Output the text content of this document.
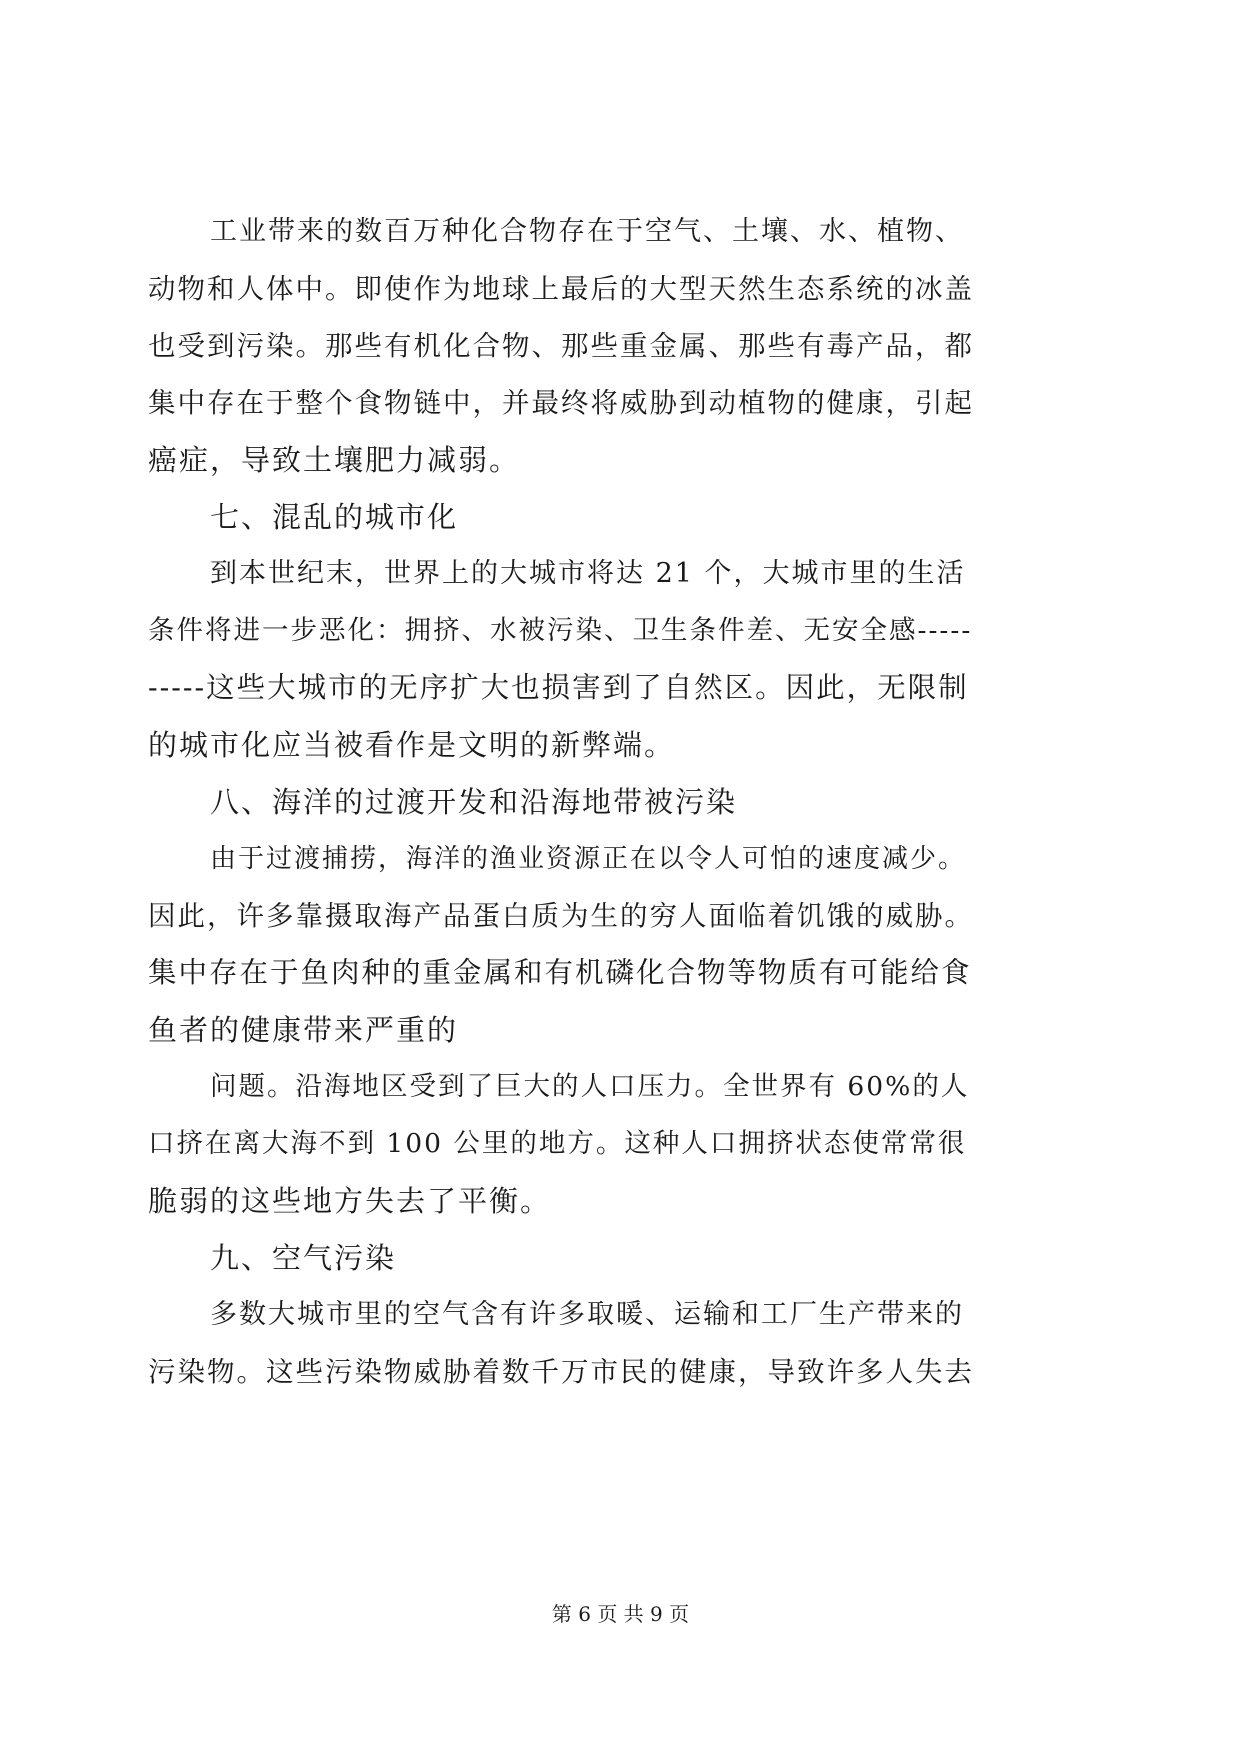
工业带来的数百万种化合物存在于空气、土壤、水、植物、
动物和人体中。即使作为地球上最后的大型天然生态系统的冰盖
也受到污染。那些有机化合物、那些重金属、那些有毒产品，都
集中存在于整个食物链中，并最终将威胁到动植物的健康，引起
癌症，导致土壤肥力减弱。
七、混乱的城市化
到本世纪末，世界上的大城市将达 21 个，大城市里的生活
条件将进一步恶化：拥挤、水被污染、卫生条件差、无安全感-----
-----这些大城市的无序扩大也损害到了自然区。因此，无限制
的城市化应当被看作是文明的新弊端。
八、海洋的过渡开发和沿海地带被污染
由于过渡捕捞，海洋的渔业资源正在以令人可怕的速度减少。
因此，许多靠摄取海产品蛋白质为生的穷人面临着饥饿的威胁。
集中存在于鱼肉种的重金属和有机磷化合物等物质有可能给食
鱼者的健康带来严重的
问题。沿海地区受到了巨大的人口压力。全世界有 60%的人
口挤在离大海不到 100 公里的地方。这种人口拥挤状态使常常很
脆弱的这些地方失去了平衡。
九、空气污染
多数大城市里的空气含有许多取暖、运输和工厂生产带来的
污染物。这些污染物威胁着数千万市民的健康，导致许多人失去
第 6 页 共 9 页
